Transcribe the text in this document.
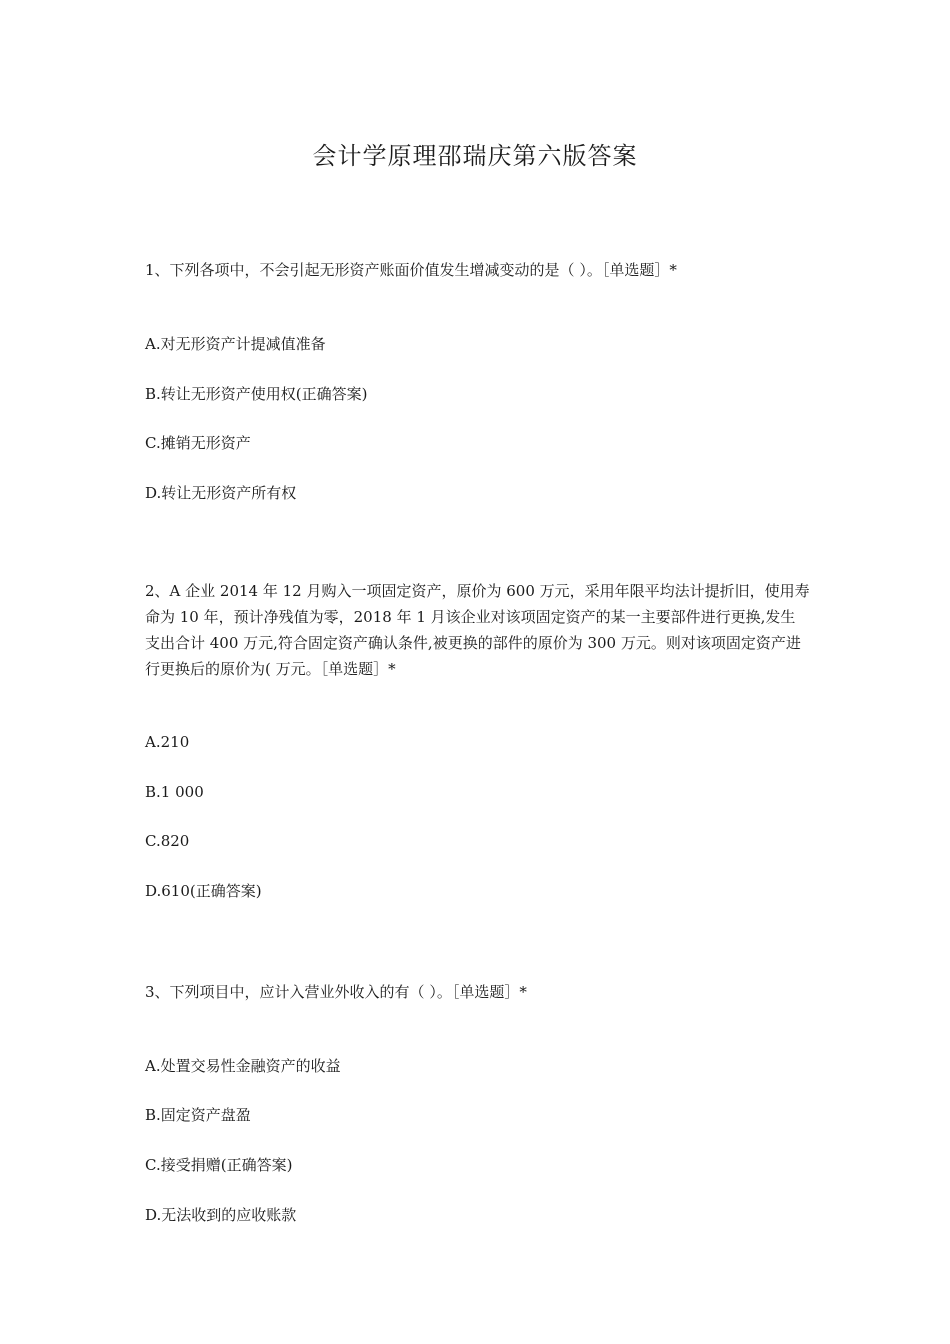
会计学原理邵瑞庆第六版答案
1、下列各项中，不会引起无形资产账面价值发生增减变动的是（ ）。［单选题］*
A.对无形资产计提减值准备
B.转让无形资产使用权(正确答案)
C.摊销无形资产
D.转让无形资产所有权
2、A 企业 2014 年 12 月购入一项固定资产，原价为 600 万元，采用年限平均法计提折旧，使用寿命为 10 年，预计净残值为零，2018 年 1 月该企业对该项固定资产的某一主要部件进行更换,发生支出合计 400 万元,符合固定资产确认条件,被更换的部件的原价为 300 万元。则对该项固定资产进行更换后的原价为( 万元。［单选题］*
A.210
B.1 000
C.820
D.610(正确答案)
3、下列项目中，应计入营业外收入的有（ ）。［单选题］*
A.处置交易性金融资产的收益
B.固定资产盘盈
C.接受捐赠(正确答案)
D.无法收到的应收账款
